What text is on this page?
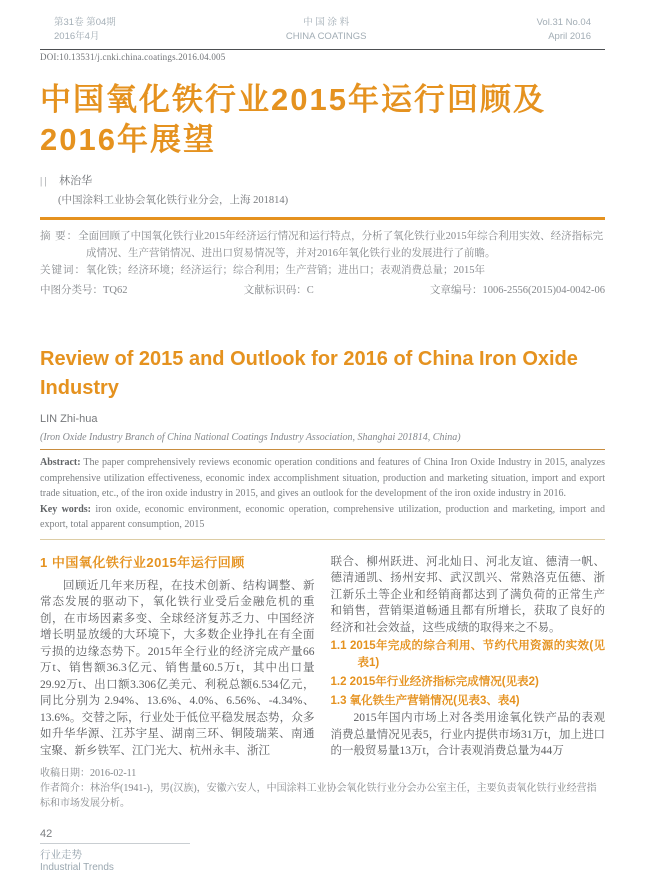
第31卷 第04期
2016年4月
中 国 涂 料
CHINA COATINGS
Vol.31 No.04
April 2016
DOI:10.13531/j.cnki.china.coatings.2016.04.005
中国氧化铁行业2015年运行回顾及2016年展望
|| 林治华
(中国涂料工业协会氧化铁行业分会，上海 201814)
摘 要：全面回顾了中国氧化铁行业2015年经济运行情况和运行特点，分析了氧化铁行业2015年综合利用实效、经济指标完成情况、生产营销情况、进出口贸易情况等，并对2016年氧化铁行业的发展进行了前瞻。
关键词：氧化铁；经济环境；经济运行；综合利用；生产营销；进出口；表观消费总量；2015年
中图分类号：TQ62	文献标识码：C	文章编号：1006-2556(2015)04-0042-06
Review of 2015 and Outlook for 2016 of China Iron Oxide Industry
LIN Zhi-hua
(Iron Oxide Industry Branch of China National Coatings Industry Association, Shanghai 201814, China)
Abstract: The paper comprehensively reviews economic operation conditions and features of China Iron Oxide Industry in 2015, analyzes comprehensive utilization effectiveness, economic index accomplishment situation, production and marketing situation, import and export trade situation, etc., of the iron oxide industry in 2015, and gives an outlook for the development of the iron oxide industry in 2016.
Key words: iron oxide, economic environment, economic operation, comprehensive utilization, production and marketing, import and export, total apparent consumption, 2015
1 中国氧化铁行业2015年运行回顾
回顾近几年来历程，在技术创新、结构调整、新常态发展的驱动下，氧化铁行业受后金融危机的重创，在市场因素多变、全球经济复苏乏力、中国经济增长明显放缓的大环境下，大多数企业挣扎在有全面亏损的边缘态势下。2015年全行业的经济完成产量66万t、销售额36.3亿元、销售量60.5万t，其中出口量29.92万t、出口额3.306亿美元、利税总额6.534亿元，同比分别为 2.94%、13.6%、4.0%、6.56%、-4.34%、13.6%。交替之际，行业处于低位平稳发展态势，众多如升华华源、江苏宇星、湖南三环、铜陵瑞莱、南通宝聚、新乡铁军、江门光大、杭州永丰、浙江
联合、柳州跃进、河北灿日、河北友谊、德清一帆、德清通凯、扬州安邦、武汉凯兴、常熟洛克伍德、浙江新乐土等企业和经销商都达到了满负荷的正常生产和销售，营销渠道畅通且都有所增长，获取了良好的经济和社会效益，这些成绩的取得来之不易。
1.1 2015年完成的综合利用、节约代用资源的实效(见表1)
1.2 2015年行业经济指标完成情况(见表2)
1.3 氧化铁生产营销情况(见表3、表4)
2015年国内市场上对各类用途氧化铁产品的表观消费总量情况见表5，行业内提供市场31万t，加上进口的一般贸易量13万t，合计表观消费总量为44万
收稿日期：2016-02-11
作者简介：林治华(1941-)，男(汉族)，安徽六安人，中国涂料工业协会氧化铁行业分会办公室主任，主要负责氧化铁行业经营指标和市场发展分析。
42
行业走势
Industrial Trends
